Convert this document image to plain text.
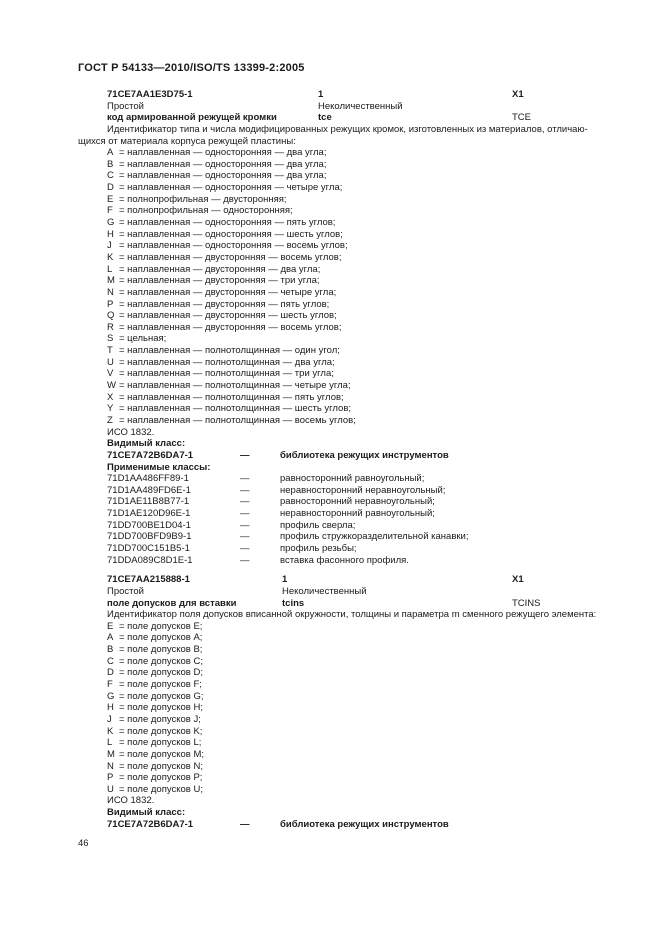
ГОСТ Р 54133—2010/ISO/TS 13399-2:2005
71CE7AA1E3D75-1	1	X1
Простой	Неколичественный
код армированной режущей кромки	tce	TCE
Идентификатор типа и числа модифицированных режущих кромок, изготовленных из материалов, отличаю-
щихся от материала корпуса режущей пластины:
A = наплавленная — односторонняя — два угла;
B = наплавленная — односторонняя — два угла;
C = наплавленная — односторонняя — два угла;
D = наплавленная — односторонняя — четыре угла;
E = полнопрофильная — двусторонняя;
F = полнопрофильная — односторонняя;
G = наплавленная — односторонняя — пять углов;
H = наплавленная — односторонняя — шесть углов;
J = наплавленная — односторонняя — восемь углов;
K = наплавленная — двусторонняя — восемь углов;
L = наплавленная — двусторонняя — два угла;
M = наплавленная — двусторонняя — три угла;
N = наплавленная — двусторонняя — четыре угла;
P = наплавленная — двусторонняя — пять углов;
Q = наплавленная — двусторонняя — шесть углов;
R = наплавленная — двусторонняя — восемь углов;
S = цельная;
T = наплавленная — полнотолщинная — один угол;
U = наплавленная — полнотолщинная — два угла;
V = наплавленная — полнотолщинная — три угла;
W = наплавленная — полнотолщинная — четыре угла;
X = наплавленная — полнотолщинная — пять углов;
Y = наплавленная — полнотолщинная — шесть углов;
Z = наплавленная — полнотолщинная — восемь углов;
ИСО 1832.
Видимый класс:
71CE7A72B6DA7-1	—	библиотека режущих инструментов
Применимые классы:
71D1AA486FF89-1	—	равносторонний равноугольный;
71D1AA489FD6E-1	—	неравносторонний неравноугольный;
71D1AE11B8B77-1	—	равносторонний неравноугольный;
71D1AE120D96E-1	—	неравносторонний равноугольный;
71DD700BE1D04-1	—	профиль сверла;
71DD700BFD9B9-1	—	профиль стружкоразделительной канавки;
71DD700C151B5-1	—	профиль резьбы;
71DDA089C8D1E-1	—	вставка фасонного профиля.
71CE7AA215888-1	1	X1
Простой	Неколичественный
поле допусков для вставки	tcins	TCINS
Идентификатор поля допусков вписанной окружности, толщины и параметра m сменного режущего элемента:
E = поле допусков E;
A = поле допусков A;
B = поле допусков B;
C = поле допусков C;
D = поле допусков D;
F = поле допусков F;
G = поле допусков G;
H = поле допусков H;
J = поле допусков J;
K = поле допусков K;
L = поле допусков L;
M = поле допусков M;
N = поле допусков N;
P = поле допусков P;
U = поле допусков U;
ИСО 1832.
Видимый класс:
71CE7A72B6DA7-1	—	библиотека режущих инструментов
46
